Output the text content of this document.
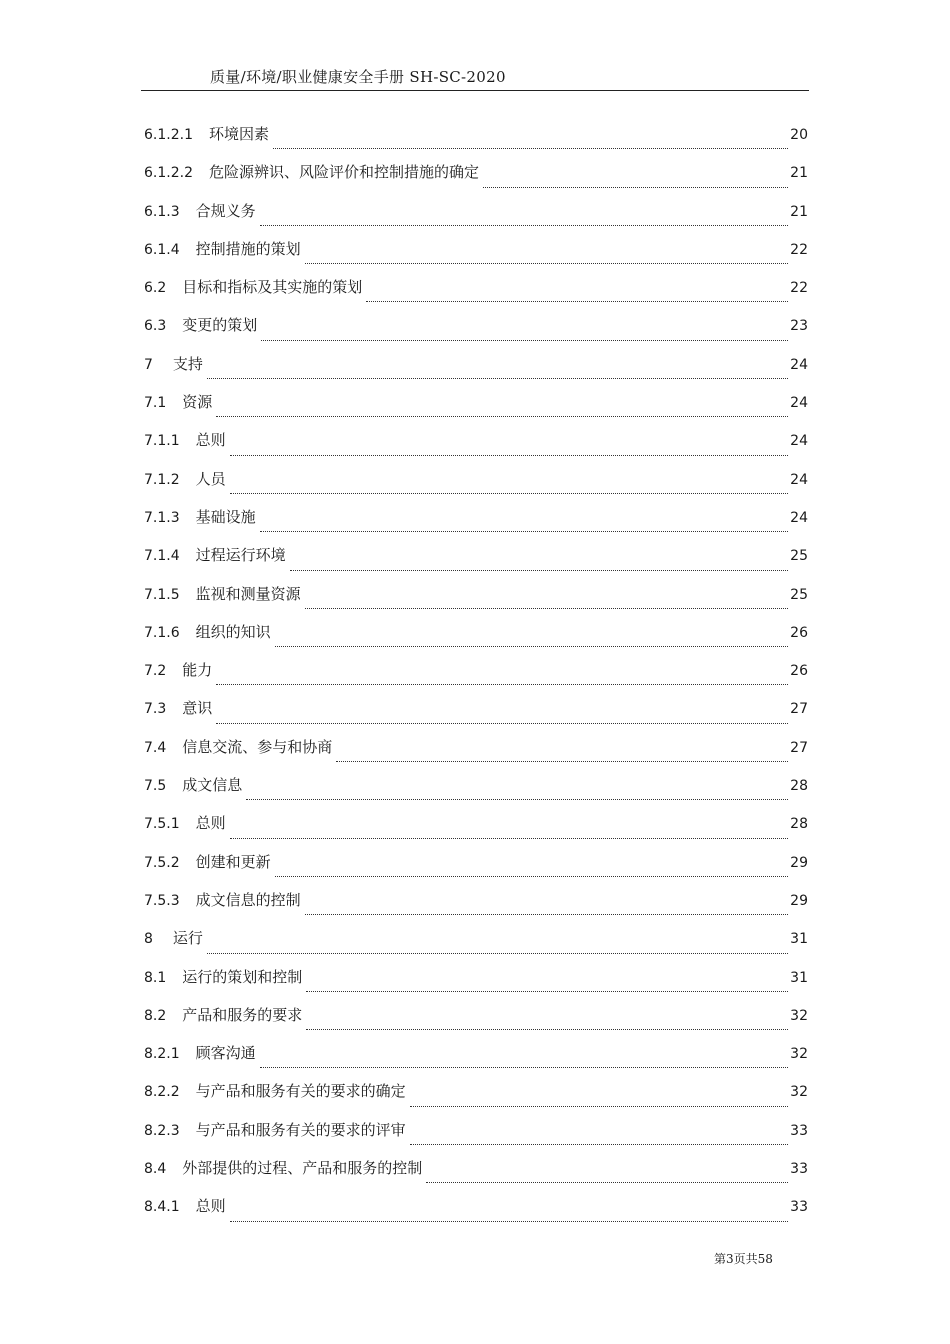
质量/环境/职业健康安全手册 SH-SC-2020
6.1.2.1	环境因素	20
6.1.2.2	危险源辨识、风险评价和控制措施的确定	21
6.1.3	合规义务	21
6.1.4	控制措施的策划	22
6.2	目标和指标及其实施的策划	22
6.3	变更的策划	23
7	支持	24
7.1	资源	24
7.1.1	总则	24
7.1.2	人员	24
7.1.3	基础设施	24
7.1.4	过程运行环境	25
7.1.5	监视和测量资源	25
7.1.6	组织的知识	26
7.2	能力	26
7.3	意识	27
7.4	信息交流、参与和协商	27
7.5	成文信息	28
7.5.1	总则	28
7.5.2	创建和更新	29
7.5.3	成文信息的控制	29
8	运行	31
8.1	运行的策划和控制	31
8.2	产品和服务的要求	32
8.2.1	顾客沟通	32
8.2.2	与产品和服务有关的要求的确定	32
8.2.3	与产品和服务有关的要求的评审	33
8.4	外部提供的过程、产品和服务的控制	33
8.4.1	总则	33
第3页共58
